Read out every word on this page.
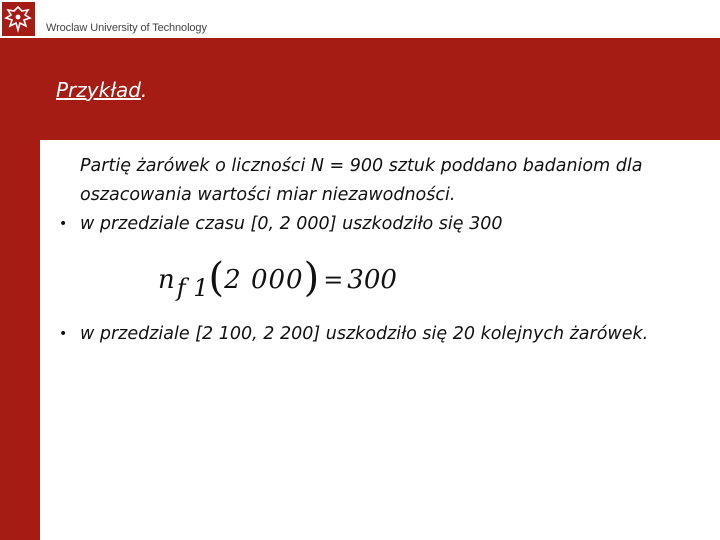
Wroclaw University of Technology
Przykład.

Partię żarówek o liczności N = 900 sztuk poddano badaniom dla oszacowania wartości miar niezawodności.

• w przedziale czasu [0, 2 000] uszkodziło się 300

nf 1(2 000) = 300

• w przedziale [2 100, 2 200] uszkodziło się 20 kolejnych żarówek.
